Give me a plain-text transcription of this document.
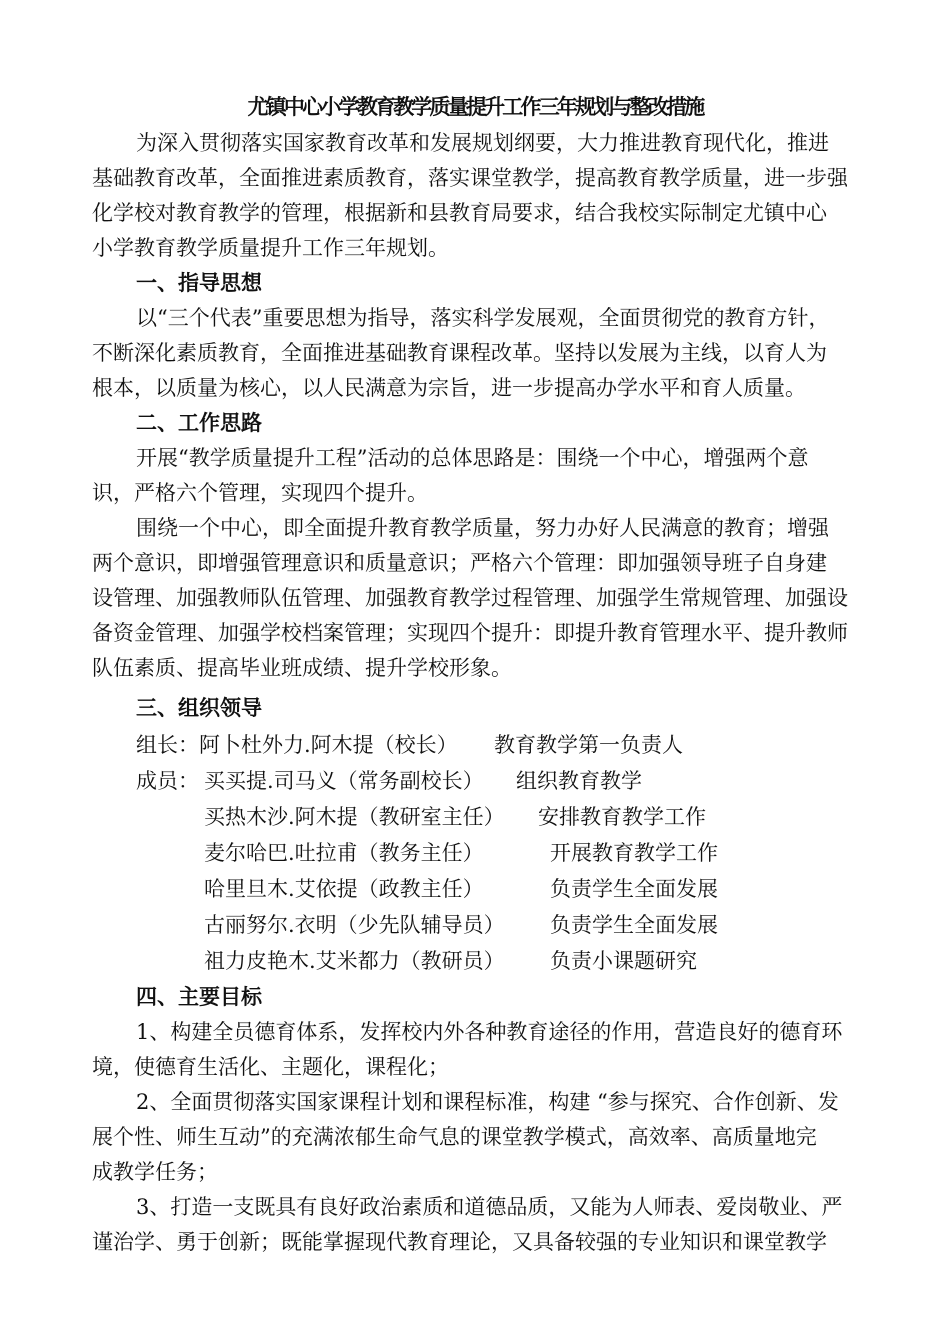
尤镇中心小学教育教学质量提升工作三年规划与整改措施
为深入贯彻落实国家教育改革和发展规划纲要，大力推进教育现代化，推进
基础教育改革，全面推进素质教育，落实课堂教学，提高教育教学质量，进一步强
化学校对教育教学的管理，根据新和县教育局要求，结合我校实际制定尤镇中心
小学教育教学质量提升工作三年规划。
一、指导思想
以“三个代表”重要思想为指导，落实科学发展观，全面贯彻党的教育方针，
不断深化素质教育，全面推进基础教育课程改革。坚持以发展为主线，以育人为
根本，以质量为核心，以人民满意为宗旨，进一步提高办学水平和育人质量。
二、工作思路
开展“教学质量提升工程”活动的总体思路是：围绕一个中心，增强两个意
识，严格六个管理，实现四个提升。
围绕一个中心，即全面提升教育教学质量，努力办好人民满意的教育；增强
两个意识，即增强管理意识和质量意识；严格六个管理：即加强领导班子自身建
设管理、加强教师队伍管理、加强教育教学过程管理、加强学生常规管理、加强设
备资金管理、加强学校档案管理；实现四个提升：即提升教育管理水平、提升教师
队伍素质、提高毕业班成绩、提升学校形象。
三、组织领导
组长：阿卜杜外力.阿木提（校长） 教育教学第一负责人
成员： 买买提.司马义（常务副校长） 组织教育教学
买热木沙.阿木提（教研室主任） 安排教育教学工作
麦尔哈巴.吐拉甫（教务主任）	开展教育教学工作
哈里旦木.艾依提（政教主任）	负责学生全面发展
古丽努尔.衣明（少先队辅导员） 负责学生全面发展
祖力皮艳木.艾米都力（教研员） 负责小课题研究
四、主要目标
1、构建全员德育体系，发挥校内外各种教育途径的作用，营造良好的德育环
境，使德育生活化、主题化，课程化；
2、全面贯彻落实国家课程计划和课程标准，构建 “参与探究、合作创新、发
展个性、师生互动”的充满浓郁生命气息的课堂教学模式，高效率、高质量地完
成教学任务；
3、打造一支既具有良好政治素质和道德品质，又能为人师表、爱岗敬业、严
谨治学、勇于创新；既能掌握现代教育理论，又具备较强的专业知识和课堂教学
